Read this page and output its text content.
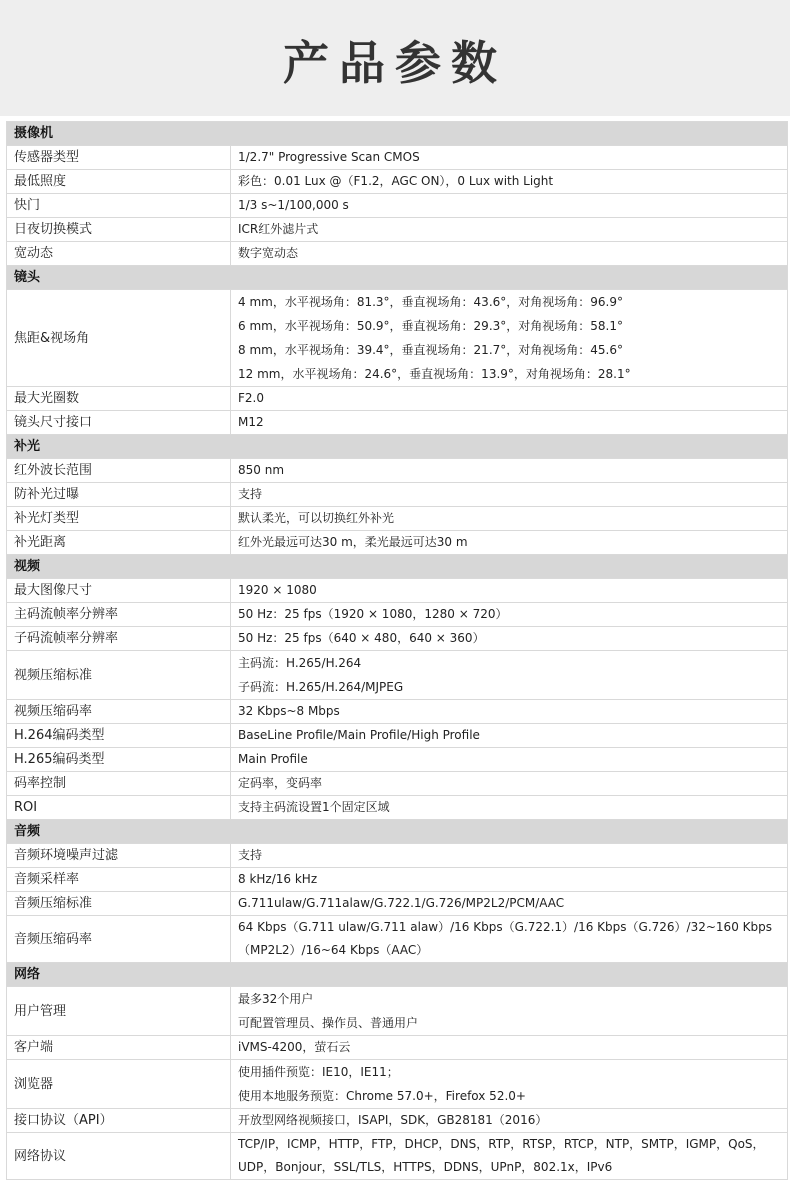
产品参数
摄像机	
传感器类型	1/2.7" Progressive Scan CMOS
最低照度	彩色：0.01 Lux @（F1.2，AGC ON），0 Lux with Light
快门	1/3 s~1/100,000 s
日夜切换模式	ICR红外滤片式
宽动态	数字宽动态
镜头	
焦距&视场角	4 mm，水平视场角：81.3°，垂直视场角：43.6°，对角视场角：96.9°
6 mm，水平视场角：50.9°，垂直视场角：29.3°，对角视场角：58.1°
8 mm，水平视场角：39.4°，垂直视场角：21.7°，对角视场角：45.6°
12 mm，水平视场角：24.6°，垂直视场角：13.9°，对角视场角：28.1°

最大光圈数	F2.0
镜头尺寸接口	M12
补光	
红外波长范围	850 nm
防补光过曝	支持
补光灯类型	默认柔光，可以切换红外补光
补光距离	红外光最远可达30 m，柔光最远可达30 m
视频	
最大图像尺寸	1920 × 1080
主码流帧率分辨率	50 Hz：25 fps（1920 × 1080，1280 × 720）
子码流帧率分辨率	50 Hz：25 fps（640 × 480，640 × 360）
视频压缩标准	主码流：H.265/H.264
子码流：H.265/H.264/MJPEG

视频压缩码率	32 Kbps~8 Mbps
H.264编码类型	BaseLine Profile/Main Profile/High Profile
H.265编码类型	Main Profile
码率控制	定码率，变码率
ROI	支持主码流设置1个固定区域
音频	
音频环境噪声过滤	支持
音频采样率	8 kHz/16 kHz
音频压缩标准	G.711ulaw/G.711alaw/G.722.1/G.726/MP2L2/PCM/AAC
音频压缩码率	64 Kbps（G.711 ulaw/G.711 alaw）/16 Kbps（G.722.1）/16 Kbps（G.726）/32~160 Kbps（MP2L2）/16~64 Kbps（AAC）
网络	
用户管理	最多32个用户
可配置管理员、操作员、普通用户

客户端	iVMS-4200，萤石云
浏览器	使用插件预览：IE10，IE11；
使用本地服务预览：Chrome 57.0+，Firefox 52.0+

接口协议（API）	开放型网络视频接口，ISAPI，SDK，GB28181（2016）
网络协议	TCP/IP，ICMP，HTTP，FTP，DHCP，DNS，RTP，RTSP，RTCP，NTP，SMTP，IGMP，QoS，UDP，Bonjour，SSL/TLS，HTTPS，DDNS，UPnP，802.1x，IPv6
